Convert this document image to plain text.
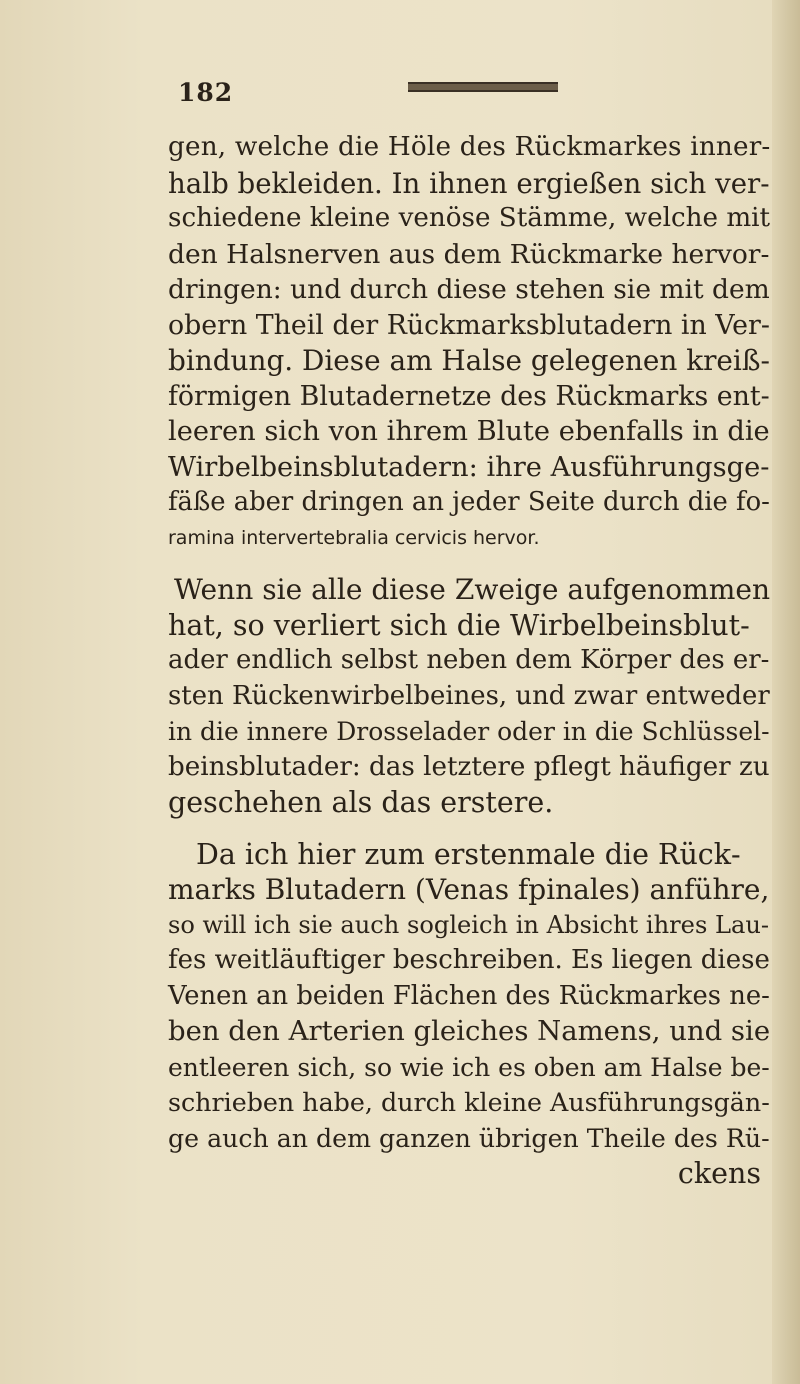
182
gen, welche die Höle des Rückmarkes inner‑
halb bekleiden. In ihnen ergießen sich ver‑
schiedene kleine venöse Stämme, welche mit
den Halsnerven aus dem Rückmarke hervor‑
dringen: und durch diese stehen sie mit dem
obern Theil der Rückmarksblutadern in Ver‑
bindung. Diese am Halse gelegenen kreiß‑
förmigen Blutadernetze des Rückmarks ent‑
leeren sich von ihrem Blute ebenfalls in die
Wirbelbeinsblutadern: ihre Ausführungsge‑
fäße aber dringen an jeder Seite durch die fo‑
ramina intervertebralia cervicis hervor.
Wenn sie alle diese Zweige aufgenommen
hat, so verliert sich die Wirbelbeinsblut‑
ader endlich selbst neben dem Körper des er‑
sten Rückenwirbelbeines, und zwar entweder
in die innere Drosselader oder in die Schlüssel‑
beinsblutader: das letztere pflegt häufiger zu
geschehen als das erstere.
Da ich hier zum erstenmale die Rück‑
marks Blutadern (Venas fpinales) anführe,
so will ich sie auch sogleich in Absicht ihres Lau‑
fes weitläuftiger beschreiben. Es liegen diese
Venen an beiden Flächen des Rückmarkes ne‑
ben den Arterien gleiches Namens, und sie
entleeren sich, so wie ich es oben am Halse be‑
schrieben habe, durch kleine Ausführungsgän‑
ge auch an dem ganzen übrigen Theile des Rü‑
ckens
